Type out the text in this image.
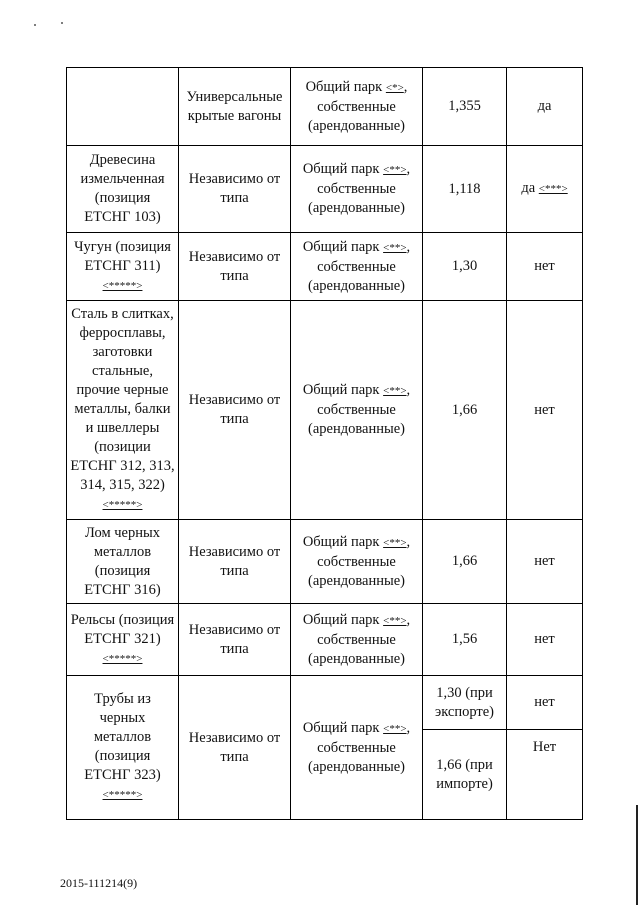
	Универсальные крытые вагоны	Общий парк <*>, собственные (арендованные)	1,355	да
Древесина измельченная (позиция ЕТСНГ 103)	Независимо от типа	Общий парк <**>, собственные (арендованные)	1,118	да <***>
Чугун (позиция ЕТСНГ 311) <*****>	Независимо от типа	Общий парк <**>, собственные (арендованные)	1,30	нет
Сталь в слитках, ферросплавы, заготовки стальные, прочие черные металлы, балки и швеллеры (позиции ЕТСНГ 312, 313, 314, 315, 322) <*****>	Независимо от типа	Общий парк <**>, собственные (арендованные)	1,66	нет
Лом черных металлов (позиция ЕТСНГ 316)	Независимо от типа	Общий парк <**>, собственные (арендованные)	1,66	нет
Рельсы (позиция ЕТСНГ 321) <*****>	Независимо от типа	Общий парк <**>, собственные (арендованные)	1,56	нет
Трубы из черных металлов (позиция ЕТСНГ 323) <*****>	Независимо от типа	Общий парк <**>, собственные (арендованные)	1,30 (при экспорте)	нет
			1,66 (при импорте)	Нет
2015-111214(9)
